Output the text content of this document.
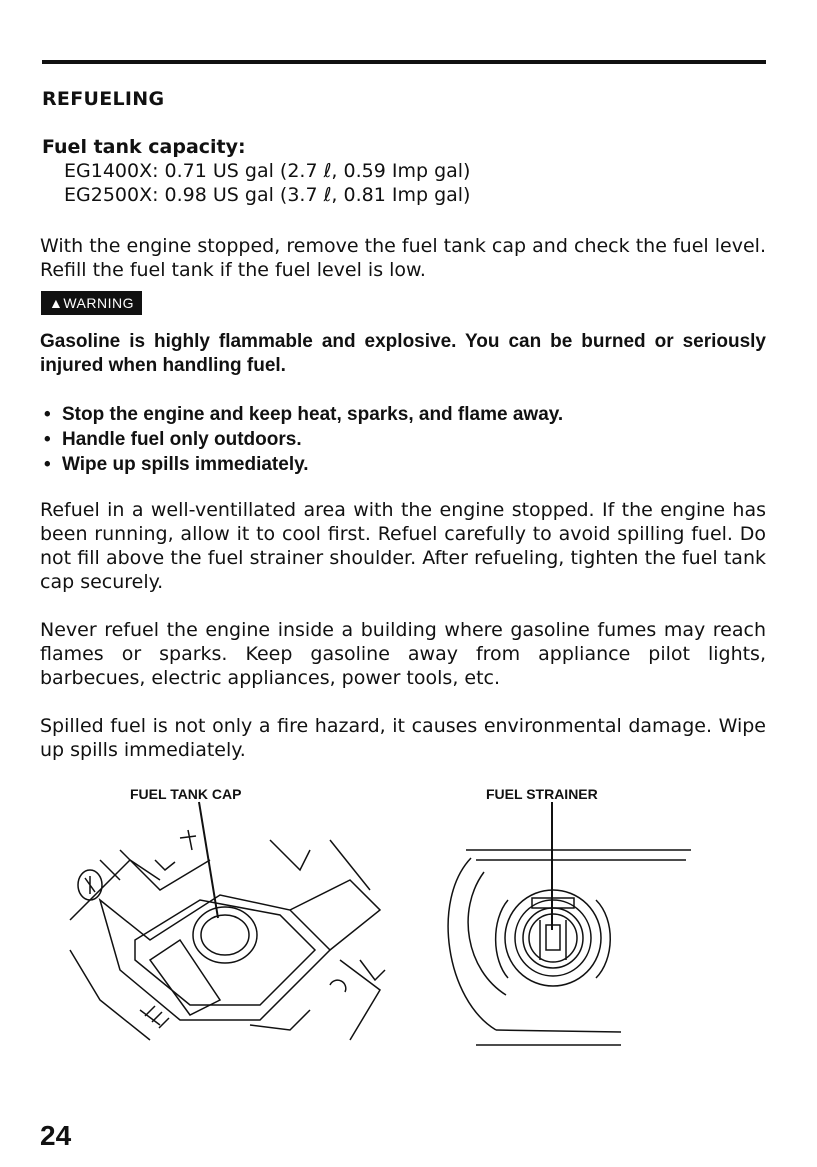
REFUELING
Fuel tank capacity:
EG1400X: 0.71 US gal (2.7 ℓ, 0.59 Imp gal)
EG2500X: 0.98 US gal (3.7 ℓ, 0.81 Imp gal)

With the engine stopped, remove the fuel tank cap and check the fuel level. Refill the fuel tank if the fuel level is low.

▲WARNING

Gasoline is highly flammable and explosive. You can be burned or seriously injured when handling fuel.

• Stop the engine and keep heat, sparks, and flame away.
• Handle fuel only outdoors.
• Wipe up spills immediately.

Refuel in a well-ventillated area with the engine stopped. If the engine has been running, allow it to cool first. Refuel carefully to avoid spilling fuel. Do not fill above the fuel strainer shoulder. After refueling, tighten the fuel tank cap securely.

Never refuel the engine inside a building where gasoline fumes may reach flames or sparks. Keep gasoline away from appliance pilot lights, barbecues, electric appliances, power tools, etc.

Spilled fuel is not only a fire hazard, it causes environmental damage. Wipe up spills immediately.

FUEL TANK CAP	FUEL STRAINER
24
